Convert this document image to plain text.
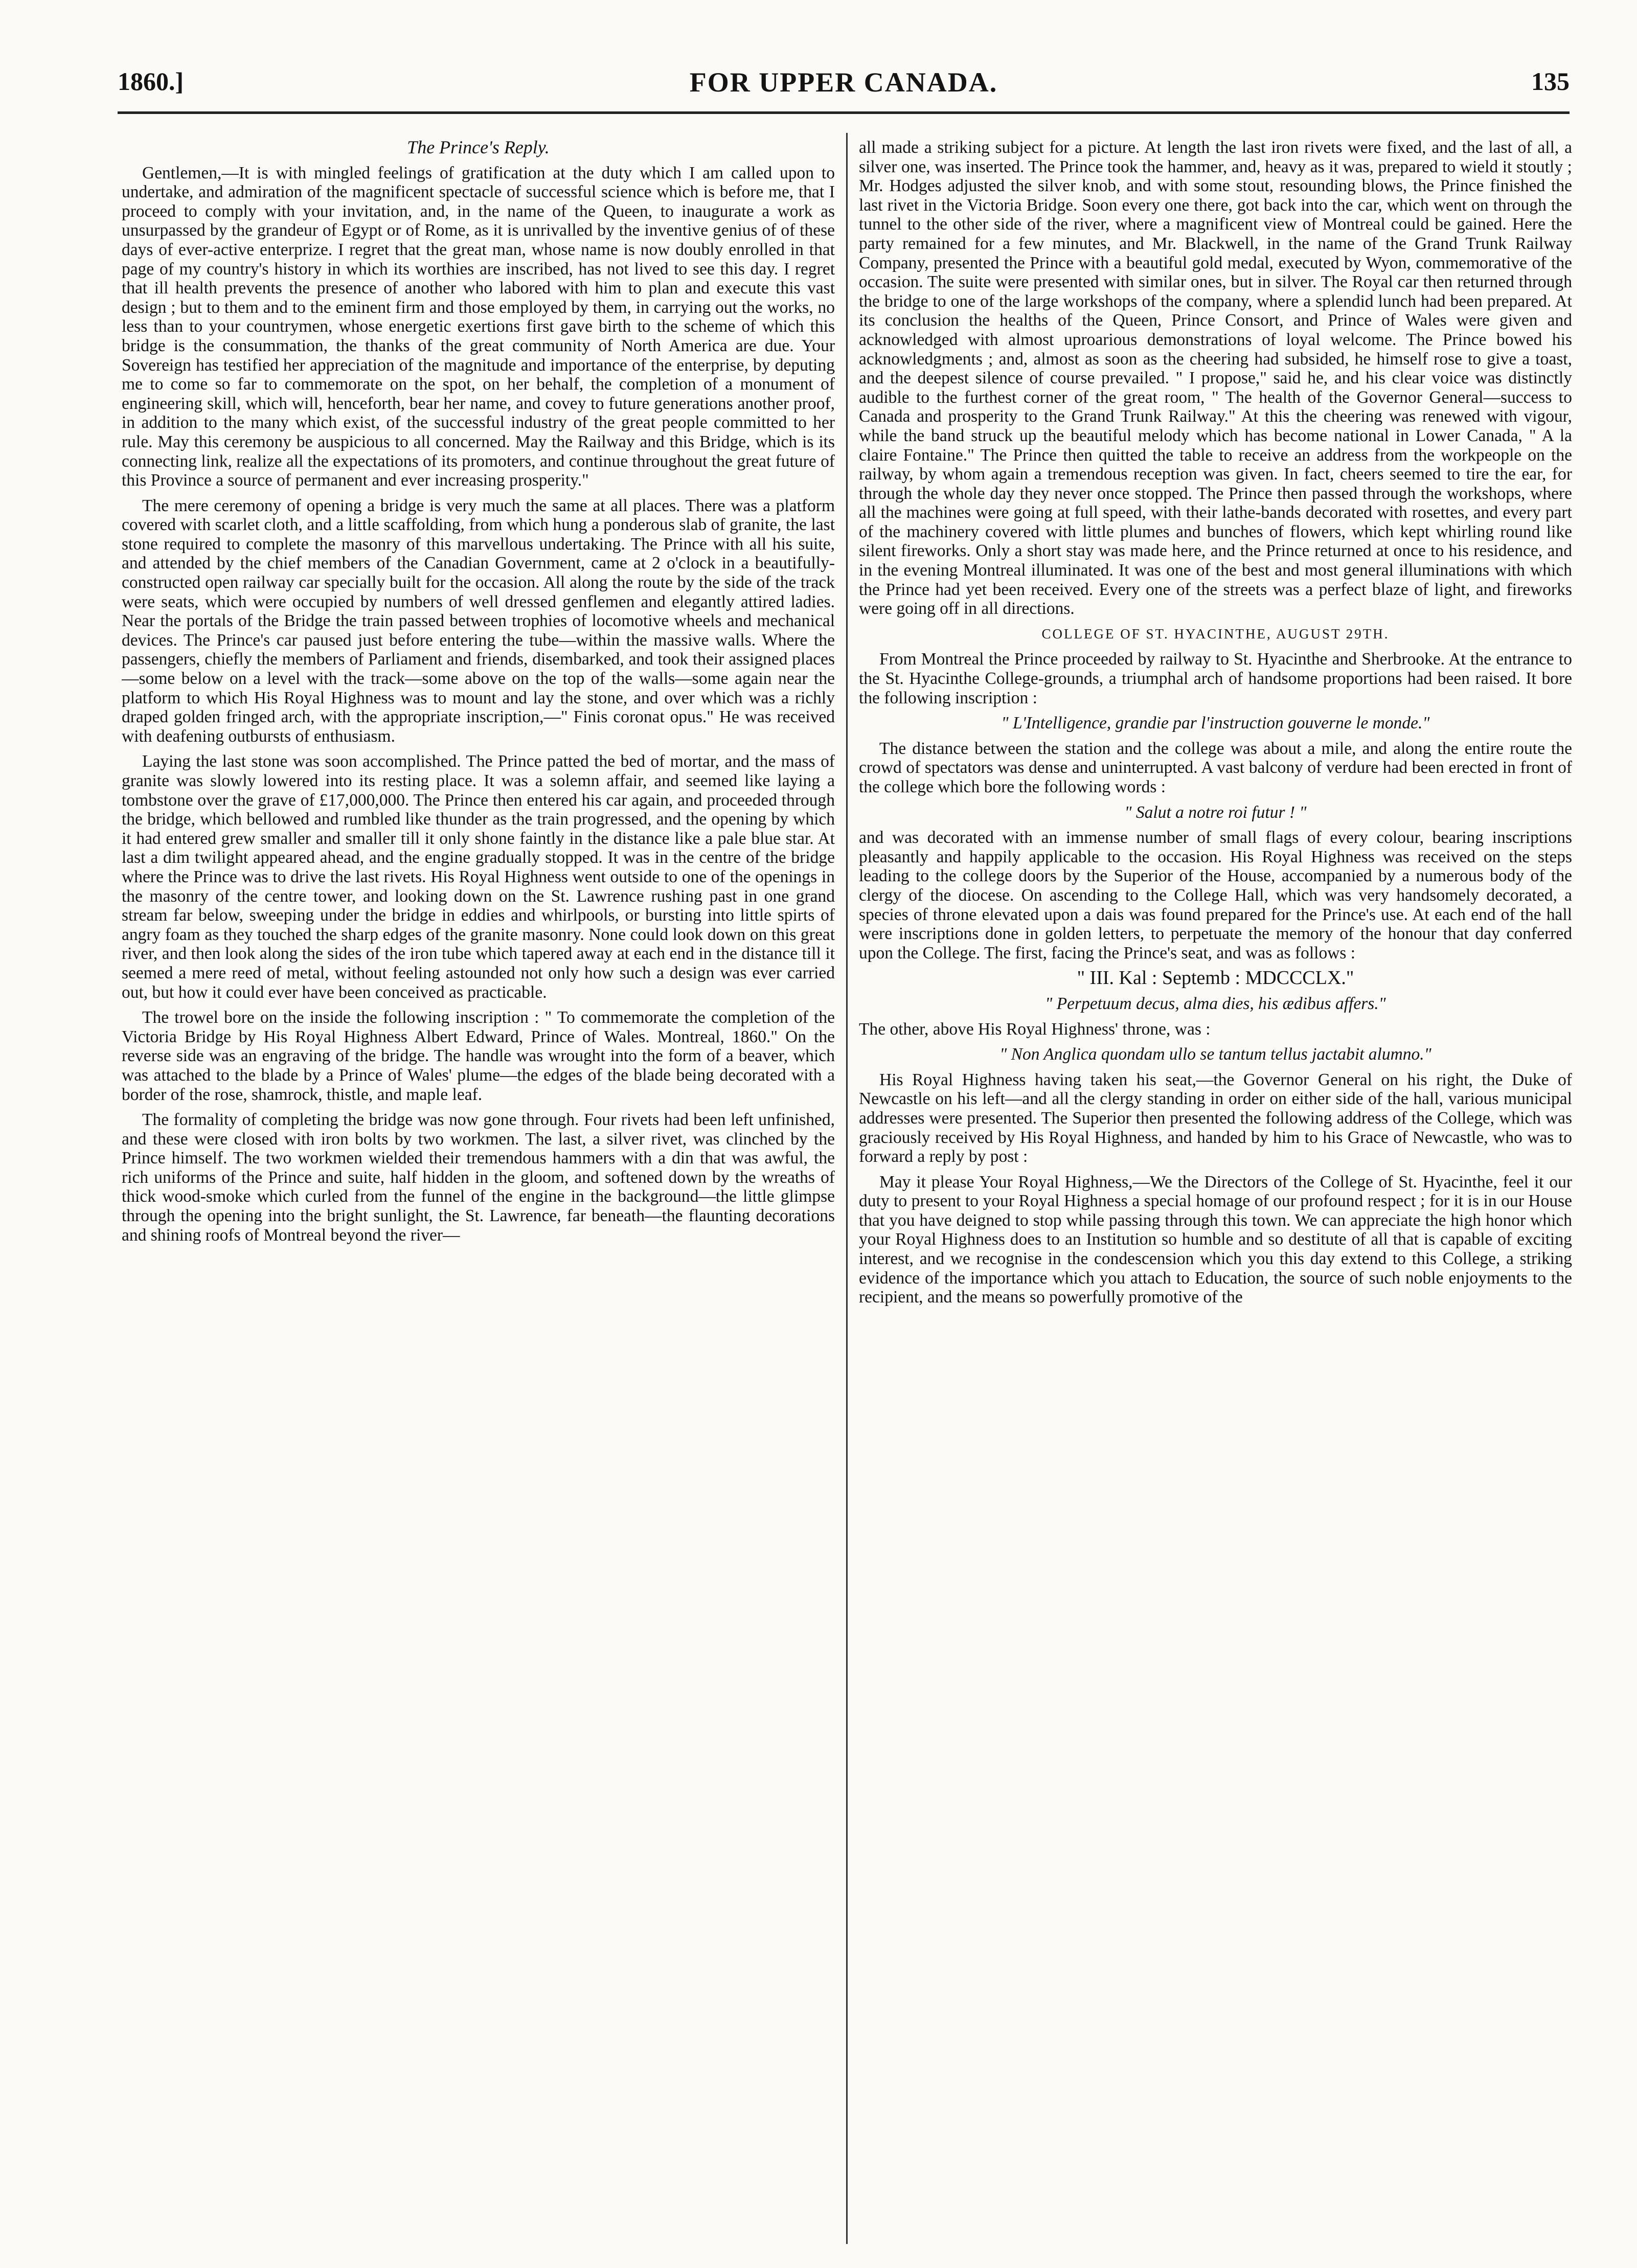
1860.]	FOR UPPER CANADA.	135

The Prince's Reply.

Gentlemen,—It is with mingled feelings of gratification at the duty which I am called upon to undertake, and admiration of the magnificent spectacle of successful science which is before me, that I proceed to comply with your invitation, and, in the name of the Queen, to inaugurate a work as unsurpassed by the grandeur of Egypt or of Rome, as it is unrivalled by the inventive genius of of these days of ever-active enterprize. I regret that the great man, whose name is now doubly enrolled in that page of my country's history in which its worthies are inscribed, has not lived to see this day. I regret that ill health prevents the presence of another who labored with him to plan and execute this vast design ; but to them and to the eminent firm and those employed by them, in carrying out the works, no less than to your countrymen, whose energetic exertions first gave birth to the scheme of which this bridge is the consummation, the thanks of the great community of North America are due. Your Sovereign has testified her appreciation of the magnitude and importance of the enterprise, by deputing me to come so far to commemorate on the spot, on her behalf, the completion of a monument of engineering skill, which will, henceforth, bear her name, and covey to future generations another proof, in addition to the many which exist, of the successful industry of the great people committed to her rule. May this ceremony be auspicious to all concerned. May the Railway and this Bridge, which is its connecting link, realize all the expectations of its promoters, and continue throughout the great future of this Province a source of permanent and ever increasing prosperity."

The mere ceremony of opening a bridge is very much the same at all places. There was a platform covered with scarlet cloth, and a little scaffolding, from which hung a ponderous slab of granite, the last stone required to complete the masonry of this marvellous undertaking. The Prince with all his suite, and attended by the chief members of the Canadian Government, came at 2 o'clock in a beautifully-constructed open railway car specially built for the occasion. All along the route by the side of the track were seats, which were occupied by numbers of well dressed genflemen and elegantly attired ladies. Near the portals of the Bridge the train passed between trophies of locomotive wheels and mechanical devices. The Prince's car paused just before entering the tube—within the massive walls. Where the passengers, chiefly the members of Parliament and friends, disembarked, and took their assigned places—some below on a level with the track—some above on the top of the walls—some again near the platform to which His Royal Highness was to mount and lay the stone, and over which was a richly draped golden fringed arch, with the appropriate inscription,—" Finis coronat opus." He was received with deafening outbursts of enthusiasm.

Laying the last stone was soon accomplished. The Prince patted the bed of mortar, and the mass of granite was slowly lowered into its resting place. It was a solemn affair, and seemed like laying a tombstone over the grave of £17,000,000. The Prince then entered his car again, and proceeded through the bridge, which bellowed and rumbled like thunder as the train progressed, and the opening by which it had entered grew smaller and smaller till it only shone faintly in the distance like a pale blue star. At last a dim twilight appeared ahead, and the engine gradually stopped. It was in the centre of the bridge where the Prince was to drive the last rivets. His Royal Highness went outside to one of the openings in the masonry of the centre tower, and looking down on the St. Lawrence rushing past in one grand stream far below, sweeping under the bridge in eddies and whirlpools, or bursting into little spirts of angry foam as they touched the sharp edges of the granite masonry. None could look down on this great river, and then look along the sides of the iron tube which tapered away at each end in the distance till it seemed a mere reed of metal, without feeling astounded not only how such a design was ever carried out, but how it could ever have been conceived as practicable.

The trowel bore on the inside the following inscription : " To commemorate the completion of the Victoria Bridge by His Royal Highness Albert Edward, Prince of Wales. Montreal, 1860." On the reverse side was an engraving of the bridge. The handle was wrought into the form of a beaver, which was attached to the blade by a Prince of Wales' plume—the edges of the blade being decorated with a border of the rose, shamrock, thistle, and maple leaf.

The formality of completing the bridge was now gone through. Four rivets had been left unfinished, and these were closed with iron bolts by two workmen. The last, a silver rivet, was clinched by the Prince himself. The two workmen wielded their tremendous hammers with a din that was awful, the rich uniforms of the Prince and suite, half hidden in the gloom, and softened down by the wreaths of thick wood-smoke which curled from the funnel of the engine in the background—the little glimpse through the opening into the bright sunlight, the St. Lawrence, far beneath—the flaunting decorations and shining roofs of Montreal beyond the river—

all made a striking subject for a picture. At length the last iron rivets were fixed, and the last of all, a silver one, was inserted. The Prince took the hammer, and, heavy as it was, prepared to wield it stoutly ; Mr. Hodges adjusted the silver knob, and with some stout, resounding blows, the Prince finished the last rivet in the Victoria Bridge. Soon every one there, got back into the car, which went on through the tunnel to the other side of the river, where a magnificent view of Montreal could be gained. Here the party remained for a few minutes, and Mr. Blackwell, in the name of the Grand Trunk Railway Company, presented the Prince with a beautiful gold medal, executed by Wyon, commemorative of the occasion. The suite were presented with similar ones, but in silver. The Royal car then returned through the bridge to one of the large workshops of the company, where a splendid lunch had been prepared. At its conclusion the healths of the Queen, Prince Consort, and Prince of Wales were given and acknowledged with almost uproarious demonstrations of loyal welcome. The Prince bowed his acknowledgments ; and, almost as soon as the cheering had subsided, he himself rose to give a toast, and the deepest silence of course prevailed. " I propose," said he, and his clear voice was distinctly audible to the furthest corner of the great room, " The health of the Governor General—success to Canada and prosperity to the Grand Trunk Railway." At this the cheering was renewed with vigour, while the band struck up the beautiful melody which has become national in Lower Canada, " A la claire Fontaine." The Prince then quitted the table to receive an address from the workpeople on the railway, by whom again a tremendous reception was given. In fact, cheers seemed to tire the ear, for through the whole day they never once stopped. The Prince then passed through the workshops, where all the machines were going at full speed, with their lathe-bands decorated with rosettes, and every part of the machinery covered with little plumes and bunches of flowers, which kept whirling round like silent fireworks. Only a short stay was made here, and the Prince returned at once to his residence, and in the evening Montreal illuminated. It was one of the best and most general illuminations with which the Prince had yet been received. Every one of the streets was a perfect blaze of light, and fireworks were going off in all directions.

COLLEGE OF ST. HYACINTHE, AUGUST 29TH.

From Montreal the Prince proceeded by railway to St. Hyacinthe and Sherbrooke. At the entrance to the St. Hyacinthe College-grounds, a triumphal arch of handsome proportions had been raised. It bore the following inscription :

" L'Intelligence, grandie par l'instruction gouverne le monde."

The distance between the station and the college was about a mile, and along the entire route the crowd of spectators was dense and uninterrupted. A vast balcony of verdure had been erected in front of the college which bore the following words :

" Salut a notre roi futur ! "

and was decorated with an immense number of small flags of every colour, bearing inscriptions pleasantly and happily applicable to the occasion. His Royal Highness was received on the steps leading to the college doors by the Superior of the House, accompanied by a numerous body of the clergy of the diocese. On ascending to the College Hall, which was very handsomely decorated, a species of throne elevated upon a dais was found prepared for the Prince's use. At each end of the hall were inscriptions done in golden letters, to perpetuate the memory of the honour that day conferred upon the College. The first, facing the Prince's seat, and was as follows :

" III. Kal : Septemb : MDCCCLX."

" Perpetuum decus, alma dies, his ædibus affers."

The other, above His Royal Highness' throne, was :

" Non Anglica quondam ullo se tantum tellus jactabit alumno."

His Royal Highness having taken his seat,—the Governor General on his right, the Duke of Newcastle on his left—and all the clergy standing in order on either side of the hall, various municipal addresses were presented. The Superior then presented the following address of the College, which was graciously received by His Royal Highness, and handed by him to his Grace of Newcastle, who was to forward a reply by post :

May it please Your Royal Highness,—We the Directors of the College of St. Hyacinthe, feel it our duty to present to your Royal Highness a special homage of our profound respect ; for it is in our House that you have deigned to stop while passing through this town. We can appreciate the high honor which your Royal Highness does to an Institution so humble and so destitute of all that is capable of exciting interest, and we recognise in the condescension which you this day extend to this College, a striking evidence of the importance which you attach to Education, the source of such noble enjoyments to the recipient, and the means so powerfully promotive of the
